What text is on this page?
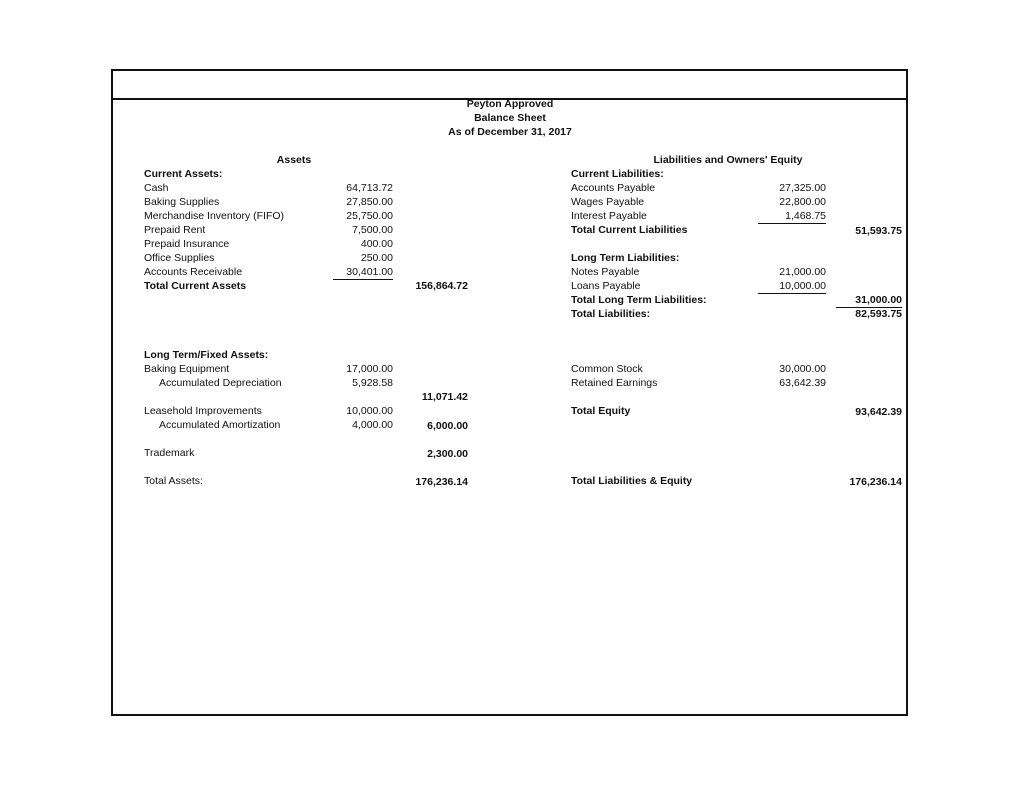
Peyton Approved
Balance Sheet
As of December 31, 2017
Assets
Current Assets:
Cash	64,713.72
Baking Supplies	27,850.00
Merchandise Inventory (FIFO)	25,750.00
Prepaid Rent	7,500.00
Prepaid Insurance	400.00
Office Supplies	250.00
Accounts Receivable	30,401.00
Total Current Assets	156,864.72
Long Term/Fixed Assets:
Baking Equipment	17,000.00
Accumulated Depreciation	5,928.58
11,071.42
Leasehold Improvements	10,000.00
Accumulated Amortization	4,000.00	6,000.00
Trademark	2,300.00
Total Assets:	176,236.14
Liabilities and Owners' Equity
Current Liabilities:
Accounts Payable	27,325.00
Wages Payable	22,800.00
Interest Payable	1,468.75
Total Current Liabilities	51,593.75
Long Term Liabilities:
Notes Payable	21,000.00
Loans Payable	10,000.00
Total Long Term Liabilities:	31,000.00
Total Liabilities:	82,593.75
Common Stock	30,000.00
Retained Earnings	63,642.39
Total Equity	93,642.39
Total Liabilities & Equity	176,236.14
